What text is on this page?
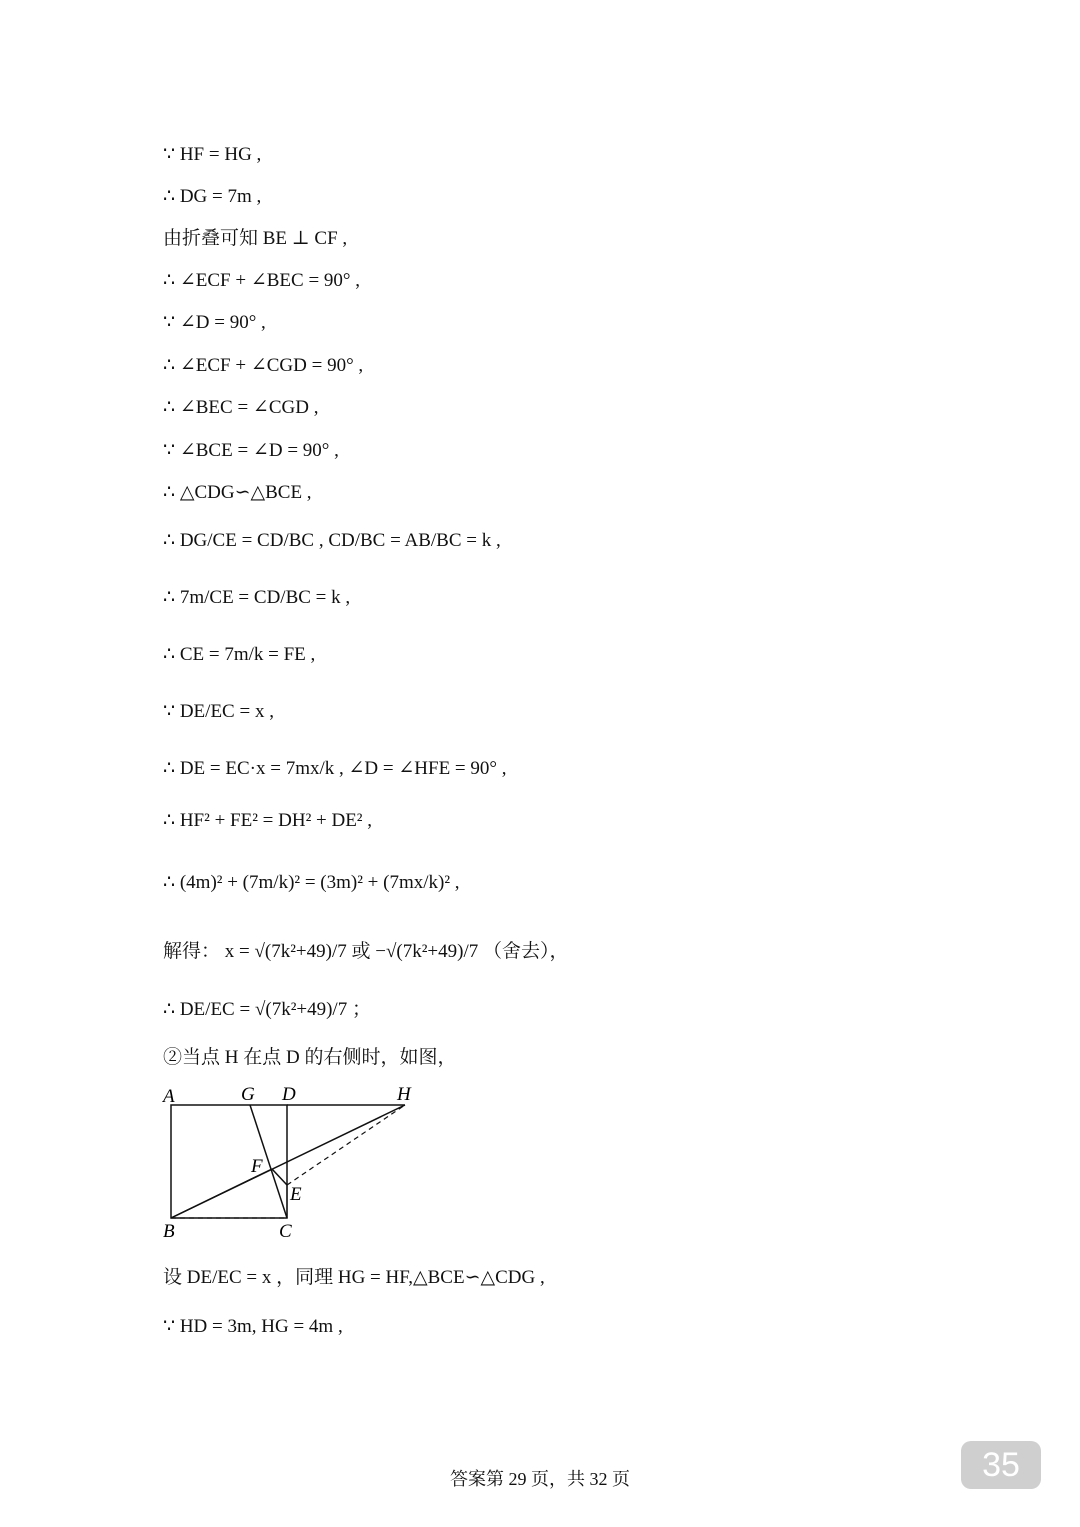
∵ HF = HG ,
∴ DG = 7m ,
由折叠可知 BE ⊥ CF ,
∴ ∠ECF + ∠BEC = 90° ,
∵ ∠D = 90° ,
∴ ∠ECF + ∠CGD = 90° ,
∴ ∠BEC = ∠CGD ,
∵ ∠BCE = ∠D = 90° ,
∴ △CDG∽△BCE ,
∴ DG/CE = CD/BC , CD/BC = AB/BC = k ,
∴ 7m/CE = CD/BC = k ,
∴ CE = 7m/k = FE ,
∵ DE/EC = x ,
∴ DE = EC·x = 7mx/k , ∠D = ∠HFE = 90° ,
∴ HF² + FE² = DH² + DE² ,
∴ (4m)² + (7m/k)² = (3m)² + (7mx/k)² ,
解得： x = √(7k²+49)/7 或 −√(7k²+49)/7 （舍去），
∴ DE/EC = √(7k²+49)/7 ；
②当点 H 在点 D 的右侧时，如图，
A	G D	H
F
E
B	C
设 DE/EC = x ，同理 HG = HF,△BCE∽△CDG ,
∵ HD = 3m, HG = 4m ,
答案第 29 页，共 32 页	35
